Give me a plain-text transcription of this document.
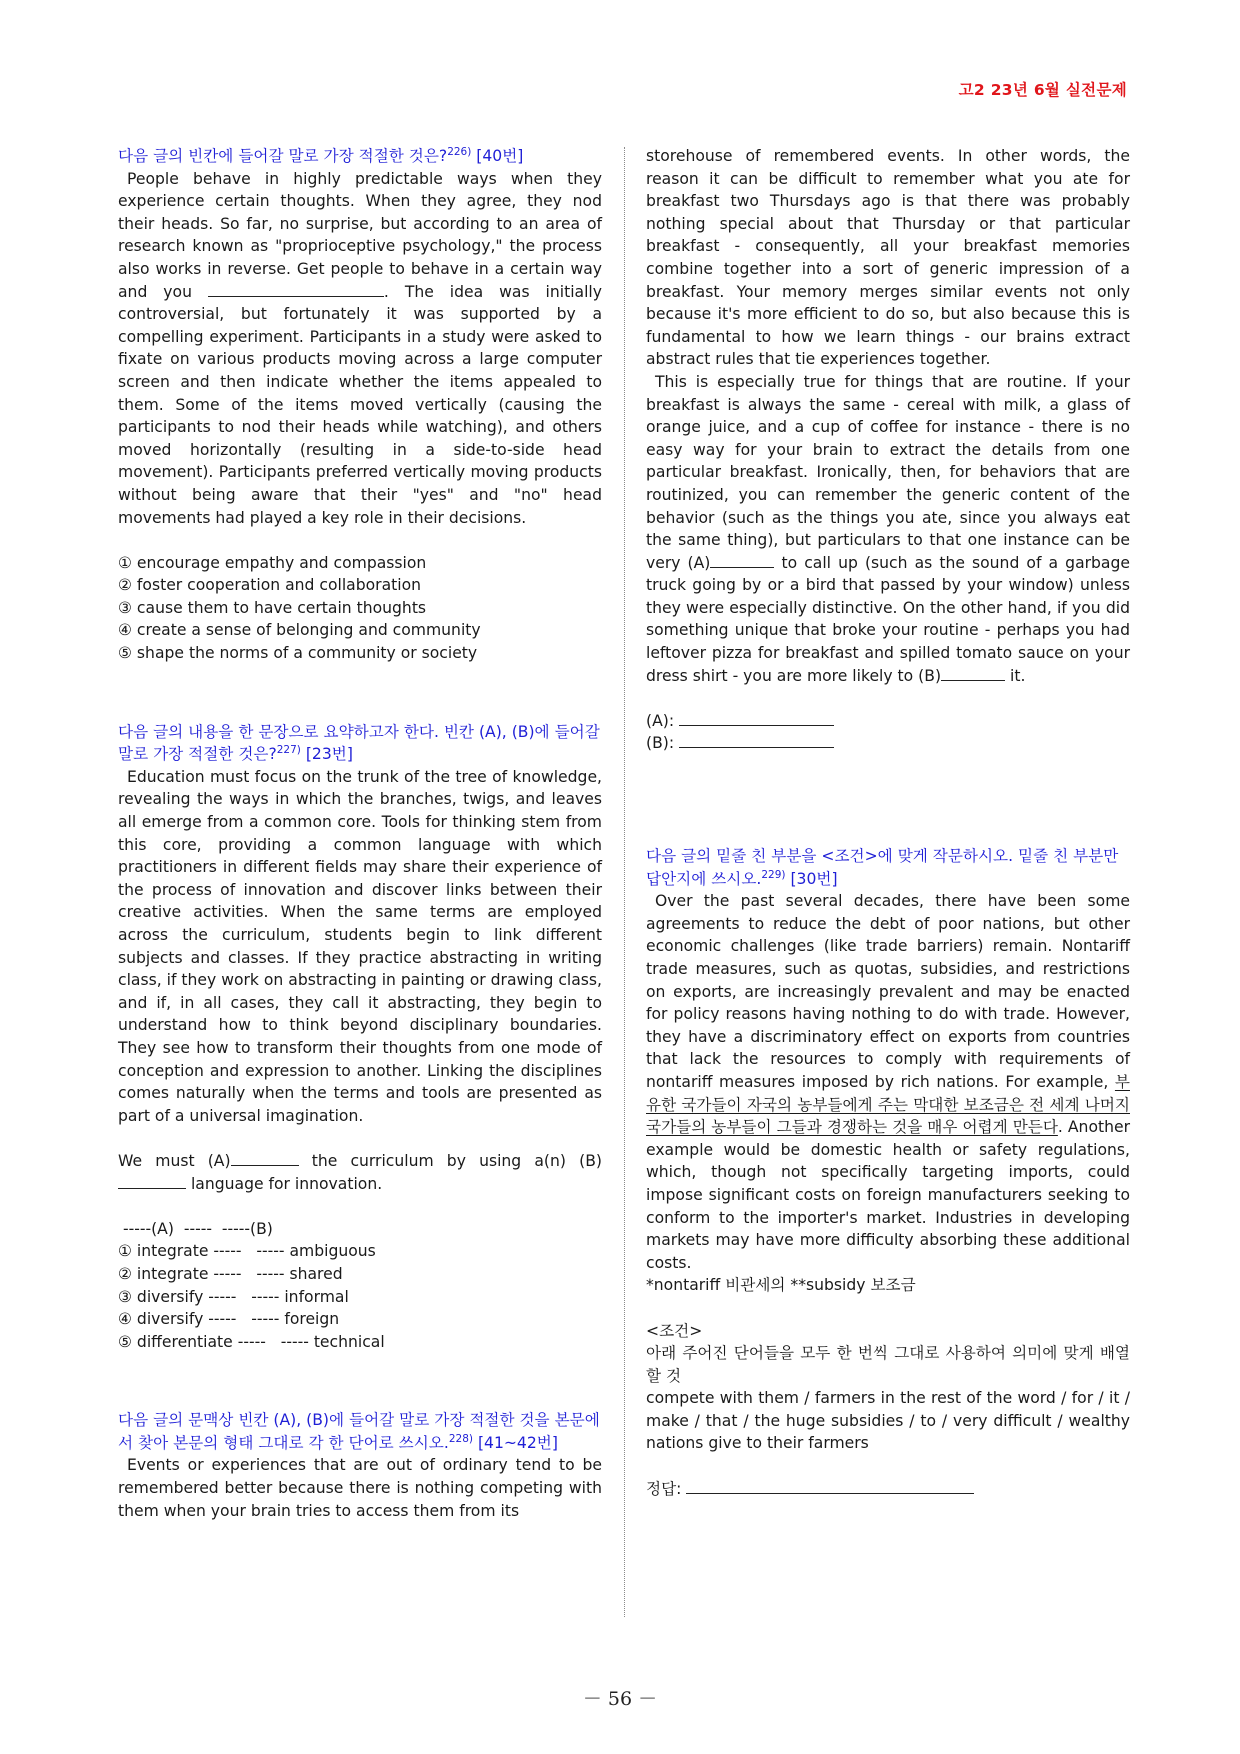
고2 23년 6월 실전문제
다음 글의 빈칸에 들어갈 말로 가장 적절한 것은?$^{226)}$ [40번]
People behave in highly predictable ways when they experience certain thoughts. When they agree, they nod their heads. So far, no surprise, but according to an area of research known as "proprioceptive psychology," the process also works in reverse. Get people to behave in a certain way and you	. The idea was initially controversial, but fortunately it was supported by a compelling experiment. Participants in a study were asked to fixate on various products moving across a large computer screen and then indicate whether the items appealed to them. Some of the items moved vertically (causing the participants to nod their heads while watching), and others moved horizontally (resulting in a side-to-side head movement). Participants preferred vertically moving products without being aware that their "yes" and "no" head movements had played a key role in their decisions.
① encourage empathy and compassion
② foster cooperation and collaboration
③ cause them to have certain thoughts
④ create a sense of belonging and community
⑤ shape the norms of a community or society
다음 글의 내용을 한 문장으로 요약하고자 한다. 빈칸 (A), (B)에 들어갈 말로 가장 적절한 것은?$^{227)}$ [23번]
Education must focus on the trunk of the tree of knowledge, revealing the ways in which the branches, twigs, and leaves all emerge from a common core. Tools for thinking stem from this core, providing a common language with which practitioners in different fields may share their experience of the process of innovation and discover links between their creative activities. When the same terms are employed across the curriculum, students begin to link different subjects and classes. If they practice abstracting in writing class, if they work on abstracting in painting or drawing class, and if, in all cases, they call it abstracting, they begin to understand how to think beyond disciplinary boundaries. They see how to transform their thoughts from one mode of conception and expression to another. Linking the disciplines comes naturally when the terms and tools are presented as part of a universal imagination.
We must (A)	the curriculum by using a(n) (B) language for innovation.
-----(A)  -----  -----(B)
① integrate -----   ----- ambiguous
② integrate -----   ----- shared
③ diversify -----   ----- informal
④ diversify -----   ----- foreign
⑤ differentiate -----   ----- technical
다음 글의 문맥상 빈칸 (A), (B)에 들어갈 말로 가장 적절한 것을 본문에서 찾아 본문의 형태 그대로 각 한 단어로 쓰시오.$^{228)}$ [41~42번]
Events or experiences that are out of ordinary tend to be remembered better because there is nothing competing with them when your brain tries to access them from its
storehouse of remembered events. In other words, the reason it can be difficult to remember what you ate for breakfast two Thursdays ago is that there was probably nothing special about that Thursday or that particular breakfast - consequently, all your breakfast memories combine together into a sort of generic impression of a breakfast. Your memory merges similar events not only because it's more efficient to do so, but also because this is fundamental to how we learn things - our brains extract abstract rules that tie experiences together.
This is especially true for things that are routine. If your breakfast is always the same - cereal with milk, a glass of orange juice, and a cup of coffee for instance - there is no easy way for your brain to extract the details from one particular breakfast. Ironically, then, for behaviors that are routinized, you can remember the generic content of the behavior (such as the things you ate, since you always eat the same thing), but particulars to that one instance can be very (A)	to call up (such as the sound of a garbage truck going by or a bird that passed by your window) unless they were especially distinctive. On the other hand, if you did something unique that broke your routine - perhaps you had leftover pizza for breakfast and spilled tomato sauce on your dress shirt - you are more likely to (B)	it.
(A):
(B):
다음 글의 밑줄 친 부분을 <조건>에 맞게 작문하시오. 밑줄 친 부분만 답안지에 쓰시오.$^{229)}$ [30번]
Over the past several decades, there have been some agreements to reduce the debt of poor nations, but other economic challenges (like trade barriers) remain. Nontariff trade measures, such as quotas, subsidies, and restrictions on exports, are increasingly prevalent and may be enacted for policy reasons having nothing to do with trade. However, they have a discriminatory effect on exports from countries that lack the resources to comply with requirements of nontariff measures imposed by rich nations. For example, 부유한 국가들이 자국의 농부들에게 주는 막대한 보조금은 전 세계 나머지 국가들의 농부들이 그들과 경쟁하는 것을 매우 어렵게 만든다. Another example would be domestic health or safety regulations, which, though not specifically targeting imports, could impose significant costs on foreign manufacturers seeking to conform to the importer's market. Industries in developing markets may have more difficulty absorbing these additional costs.
*nontariff 비관세의 **subsidy 보조금
<조건>
아래 주어진 단어들을 모두 한 번씩 그대로 사용하여 의미에 맞게 배열할 것
compete with them / farmers in the rest of the word / for / it / make / that / the huge subsidies / to / very difficult / wealthy nations give to their farmers
정답:
－ 56 －
